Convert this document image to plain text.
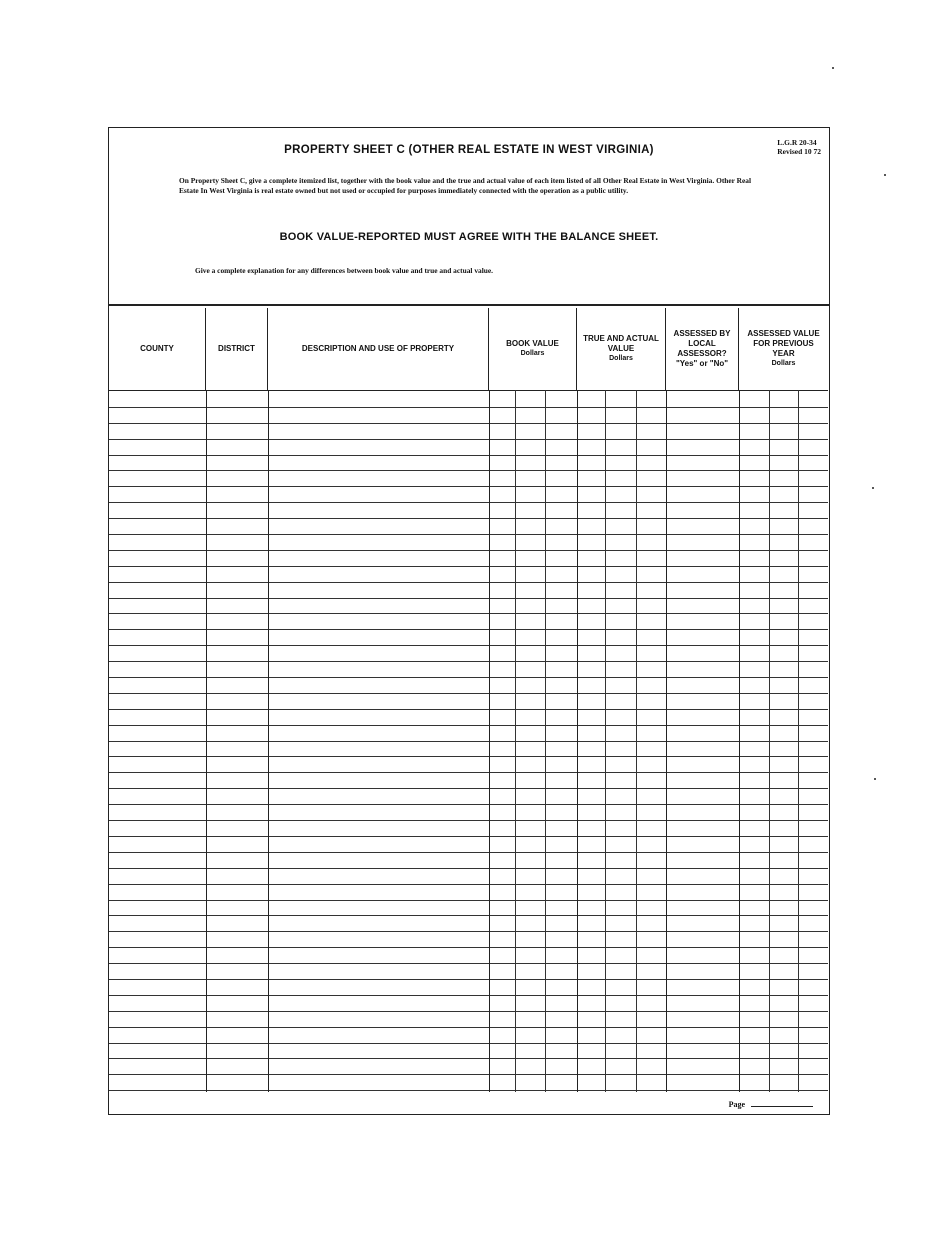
L.G.R 20-34
Revised 10 72
PROPERTY SHEET C (OTHER REAL ESTATE IN WEST VIRGINIA)
On Property Sheet C, give a complete itemized list, together with the book value and the true and actual value of each item listed of all Other Real Estate in West Virginia. Other Real Estate In West Virginia is real estate owned but not used or occupied for purposes immediately connected with the operation as a public utility.
BOOK VALUE-REPORTED MUST AGREE WITH THE BALANCE SHEET.
Give a complete explanation for any differences between book value and true and actual value.
COUNTY	DISTRICT	DESCRIPTION AND USE OF PROPERTY
BOOK VALUE
Dollars
TRUE AND ACTUAL VALUE
Dollars
ASSESSED BY LOCAL ASSESSOR? "Yes" or "No"
ASSESSED VALUE FOR PREVIOUS YEAR
Dollars
Page
